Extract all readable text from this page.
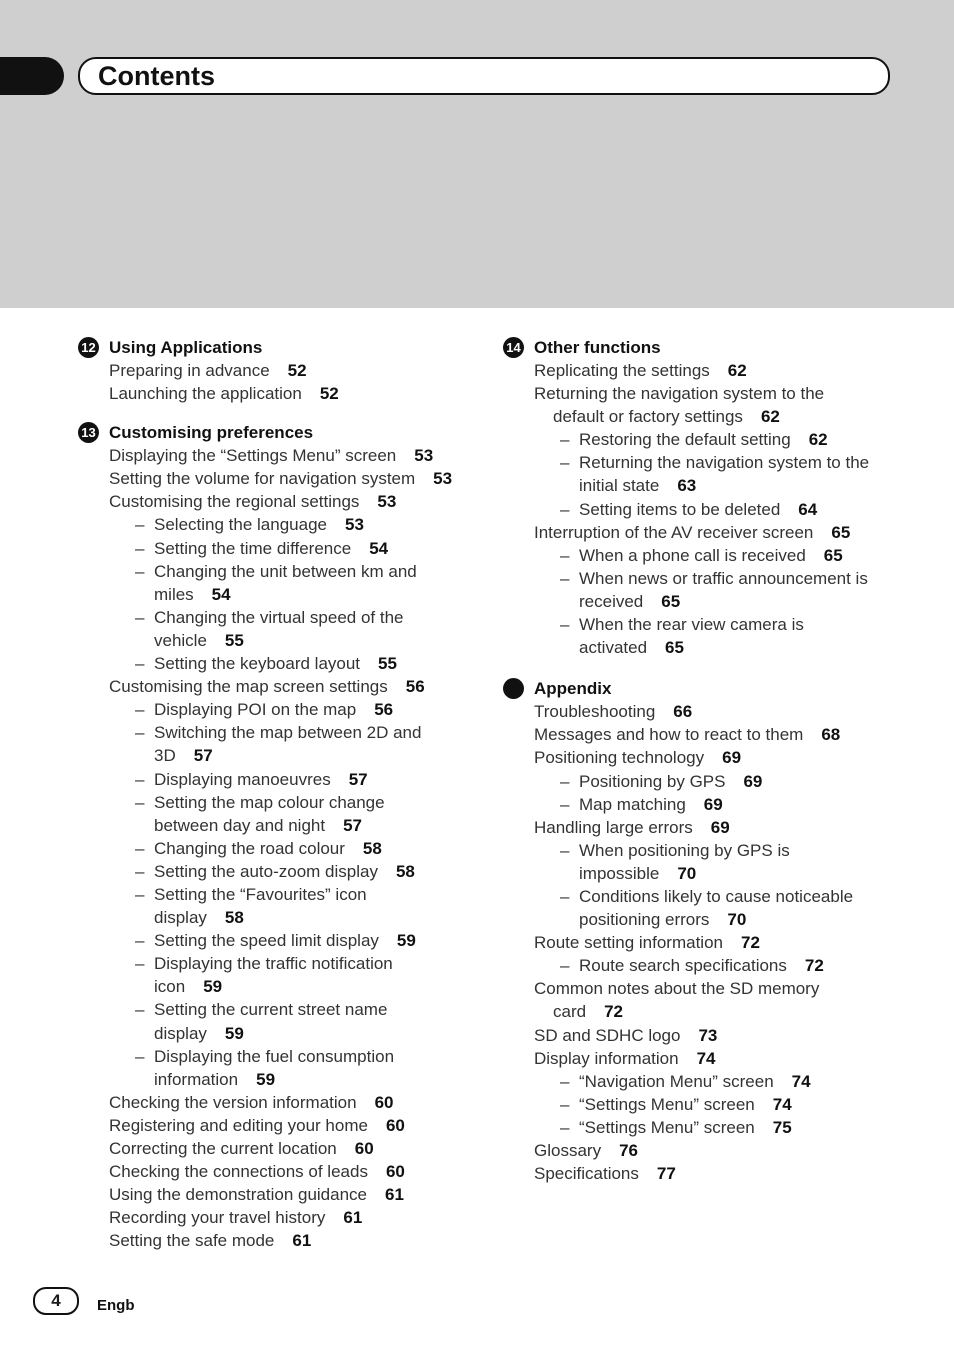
Contents
12 Using Applications
Preparing in advance 52
Launching the application 52
13 Customising preferences
Displaying the “Settings Menu” screen 53
Setting the volume for navigation system 53
Customising the regional settings 53
– Selecting the language 53
– Setting the time difference 54
– Changing the unit between km and
miles 54
– Changing the virtual speed of the
vehicle 55
– Setting the keyboard layout 55
Customising the map screen settings 56
– Displaying POI on the map 56
– Switching the map between 2D and
3D 57
– Displaying manoeuvres 57
– Setting the map colour change
between day and night 57
– Changing the road colour 58
– Setting the auto-zoom display 58
– Setting the “Favourites” icon
display 58
– Setting the speed limit display 59
– Displaying the traffic notification
icon 59
– Setting the current street name
display 59
– Displaying the fuel consumption
information 59
Checking the version information 60
Registering and editing your home 60
Correcting the current location 60
Checking the connections of leads 60
Using the demonstration guidance 61
Recording your travel history 61
Setting the safe mode 61
14 Other functions
Replicating the settings 62
Returning the navigation system to the
default or factory settings 62
– Restoring the default setting 62
– Returning the navigation system to the
initial state 63
– Setting items to be deleted 64
Interruption of the AV receiver screen 65
– When a phone call is received 65
– When news or traffic announcement is
received 65
– When the rear view camera is
activated 65
Appendix
Troubleshooting 66
Messages and how to react to them 68
Positioning technology 69
– Positioning by GPS 69
– Map matching 69
Handling large errors 69
– When positioning by GPS is
impossible 70
– Conditions likely to cause noticeable
positioning errors 70
Route setting information 72
– Route search specifications 72
Common notes about the SD memory
card 72
SD and SDHC logo 73
Display information 74
– “Navigation Menu” screen 74
– “Settings Menu” screen 74
– “Settings Menu” screen 75
Glossary 76
Specifications 77
4	Engb
